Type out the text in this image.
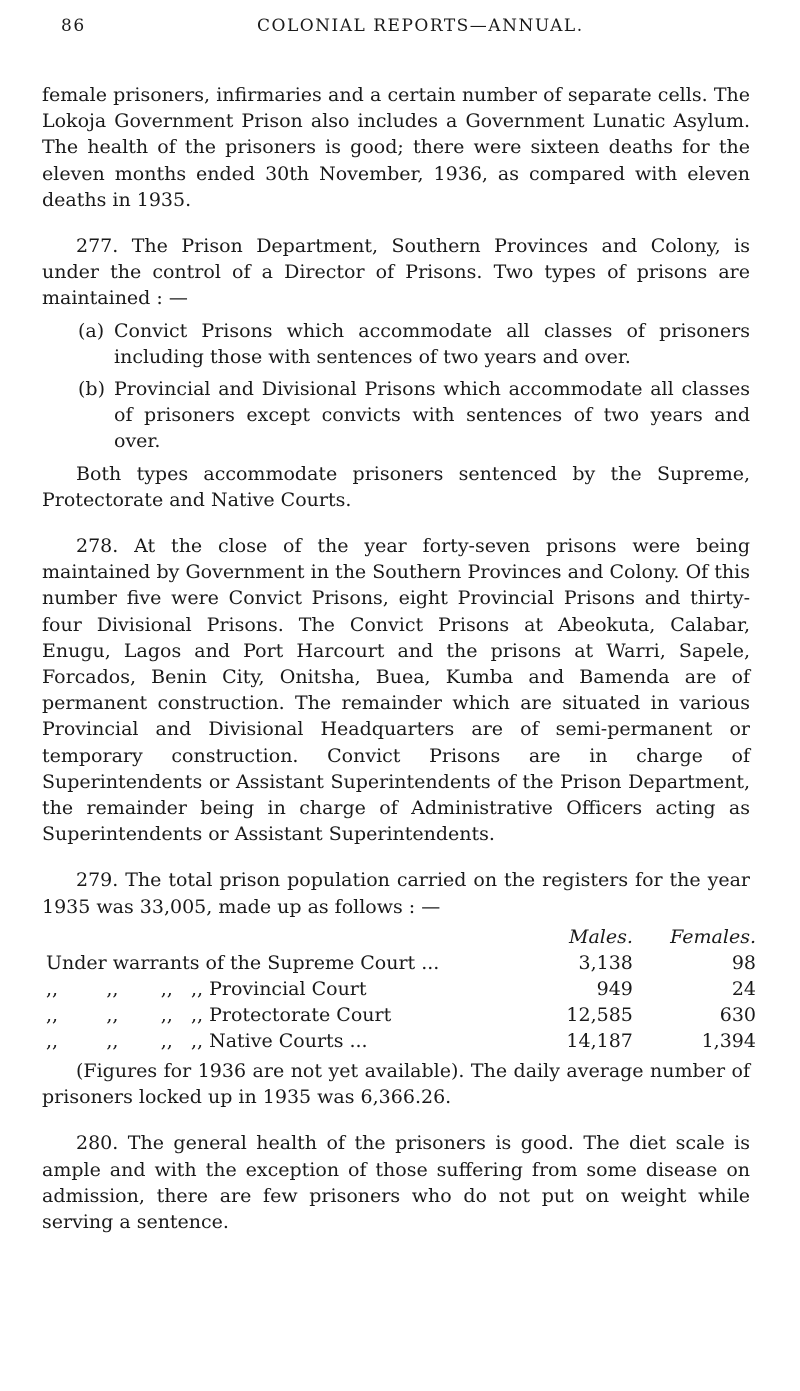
86	COLONIAL REPORTS—ANNUAL.

female prisoners, infirmaries and a certain number of separate cells. The Lokoja Government Prison also includes a Government Lunatic Asylum. The health of the prisoners is good; there were sixteen deaths for the eleven months ended 30th November, 1936, as compared with eleven deaths in 1935.

277. The Prison Department, Southern Provinces and Colony, is under the control of a Director of Prisons. Two types of prisons are maintained : —

(a) Convict Prisons which accommodate all classes of prisoners including those with sentences of two years and over.
(b) Provincial and Divisional Prisons which accommodate all classes of prisoners except convicts with sentences of two years and over.

Both types accommodate prisoners sentenced by the Supreme, Protectorate and Native Courts.

278. At the close of the year forty-seven prisons were being maintained by Government in the Southern Provinces and Colony. Of this number five were Convict Prisons, eight Provincial Prisons and thirty-four Divisional Prisons. The Convict Prisons at Abeokuta, Calabar, Enugu, Lagos and Port Harcourt and the prisons at Warri, Sapele, Forcados, Benin City, Onitsha, Buea, Kumba and Bamenda are of permanent construction. The remainder which are situated in various Provincial and Divisional Headquarters are of semi-permanent or temporary construction. Convict Prisons are in charge of Superintendents or Assistant Superintendents of the Prison Department, the remainder being in charge of Administrative Officers acting as Superintendents or Assistant Superintendents.

279. The total prison population carried on the registers for the year 1935 was 33,005, made up as follows : —

	Males.	Females.
Under warrants of the Supreme Court ...	3,138	98
,,        ,,       ,,   ,, Provincial Court	949	24
,,        ,,       ,,   ,, Protectorate Court	12,585	630
,,        ,,       ,,   ,, Native Courts ...	14,187	1,394

(Figures for 1936 are not yet available). The daily average number of prisoners locked up in 1935 was 6,366.26.

280. The general health of the prisoners is good. The diet scale is ample and with the exception of those suffering from some disease on admission, there are few prisoners who do not put on weight while serving a sentence.
